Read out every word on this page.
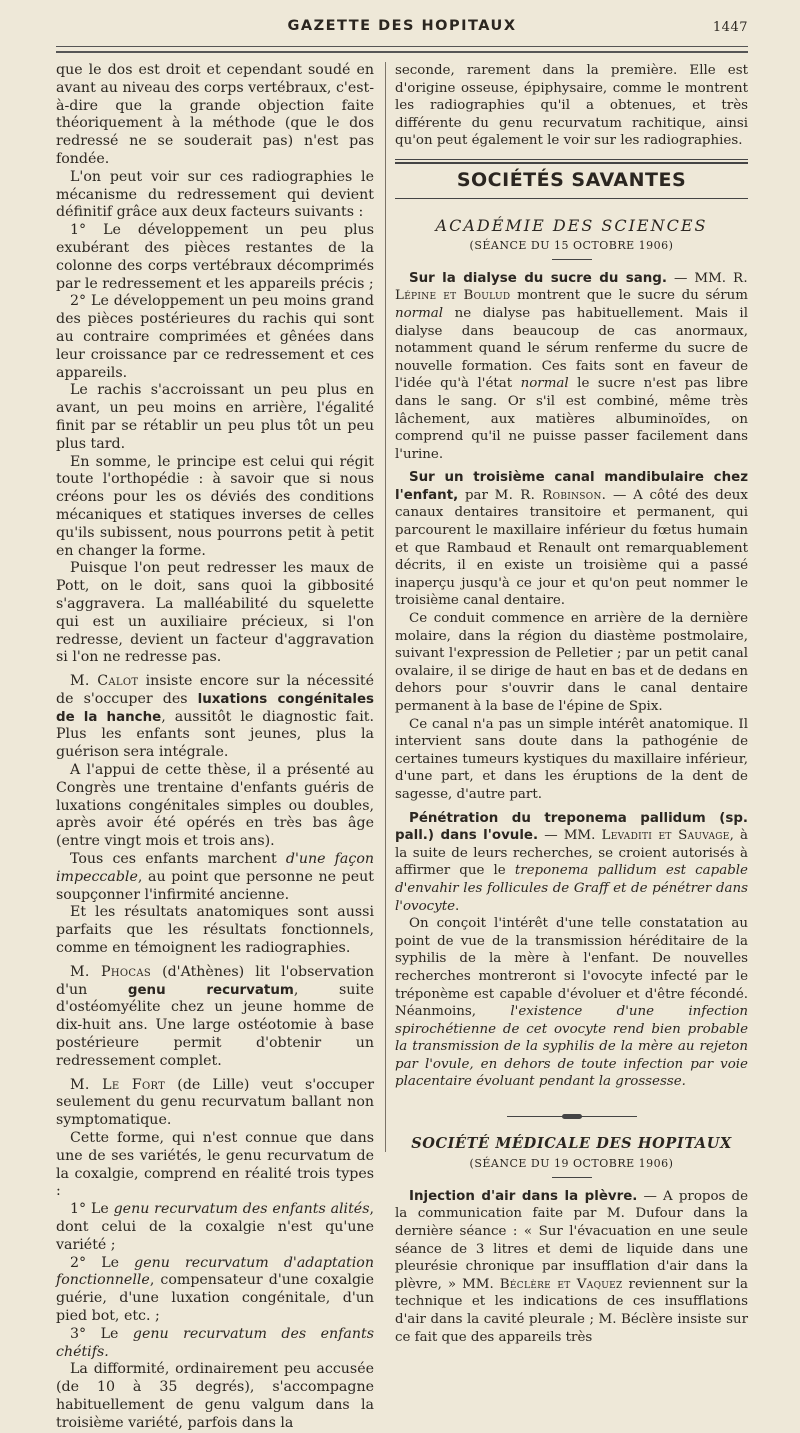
GAZETTE DES HOPITAUX	1447

que le dos est droit et cependant soudé en avant au niveau des corps vertébraux, c'est-à-dire que la grande objection faite théoriquement à la méthode (que le dos redressé ne se souderait pas) n'est pas fondée.

L'on peut voir sur ces radiographies le mécanisme du redressement qui devient définitif grâce aux deux facteurs suivants :

1° Le développement un peu plus exubérant des pièces restantes de la colonne des corps vertébraux décomprimés par le redressement et les appareils précis ;

2° Le développement un peu moins grand des pièces postérieures du rachis qui sont au contraire comprimées et gênées dans leur croissance par ce redressement et ces appareils.

Le rachis s'accroissant un peu plus en avant, un peu moins en arrière, l'égalité finit par se rétablir un peu plus tôt un peu plus tard.

En somme, le principe est celui qui régit toute l'orthopédie : à savoir que si nous créons pour les os déviés des conditions mécaniques et statiques inverses de celles qu'ils subissent, nous pourrons petit à petit en changer la forme.

Puisque l'on peut redresser les maux de Pott, on le doit, sans quoi la gibbosité s'aggravera. La malléabilité du squelette qui est un auxiliaire précieux, si l'on redresse, devient un facteur d'aggravation si l'on ne redresse pas.

M. Calot insiste encore sur la nécessité de s'occuper des luxations congénitales de la hanche, aussitôt le diagnostic fait. Plus les enfants sont jeunes, plus la guérison sera intégrale.

A l'appui de cette thèse, il a présenté au Congrès une trentaine d'enfants guéris de luxations congénitales simples ou doubles, après avoir été opérés en très bas âge (entre vingt mois et trois ans).

Tous ces enfants marchent d'une façon impeccable, au point que personne ne peut soupçonner l'infirmité ancienne.

Et les résultats anatomiques sont aussi parfaits que les résultats fonctionnels, comme en témoignent les radiographies.

M. Phocas (d'Athènes) lit l'observation d'un genu recurvatum, suite d'ostéomyélite chez un jeune homme de dix-huit ans. Une large ostéotomie à base postérieure permit d'obtenir un redressement complet.

M. Le Fort (de Lille) veut s'occuper seulement du genu recurvatum ballant non symptomatique.

Cette forme, qui n'est connue que dans une de ses variétés, le genu recurvatum de la coxalgie, comprend en réalité trois types :

1° Le genu recurvatum des enfants alités, dont celui de la coxalgie n'est qu'une variété ;

2° Le genu recurvatum d'adaptation fonctionnelle, compensateur d'une coxalgie guérie, d'une luxation congénitale, d'un pied bot, etc. ;

3° Le genu recurvatum des enfants chétifs.

La difformité, ordinairement peu accusée (de 10 à 35 degrés), s'accompagne habituellement de genu valgum dans la troisième variété, parfois dans la

seconde, rarement dans la première. Elle est d'origine osseuse, épiphysaire, comme le montrent les radiographies qu'il a obtenues, et très différente du genu recurvatum rachitique, ainsi qu'on peut également le voir sur les radiographies.

SOCIÉTÉS SAVANTES
ACADÉMIE DES SCIENCES
(SÉANCE DU 15 OCTOBRE 1906)

Sur la dialyse du sucre du sang. — MM. R. Lépine et Boulud montrent que le sucre du sérum normal ne dialyse pas habituellement. Mais il dialyse dans beaucoup de cas anormaux, notamment quand le sérum renferme du sucre de nouvelle formation. Ces faits sont en faveur de l'idée qu'à l'état normal le sucre n'est pas libre dans le sang. Or s'il est combiné, même très lâchement, aux matières albuminoïdes, on comprend qu'il ne puisse passer facilement dans l'urine.

Sur un troisième canal mandibulaire chez l'enfant, par M. R. Robinson. — A côté des deux canaux dentaires transitoire et permanent, qui parcourent le maxillaire inférieur du fœtus humain et que Rambaud et Renault ont remarquablement décrits, il en existe un troisième qui a passé inaperçu jusqu'à ce jour et qu'on peut nommer le troisième canal dentaire.

Ce conduit commence en arrière de la dernière molaire, dans la région du diastème postmolaire, suivant l'expression de Pelletier ; par un petit canal ovalaire, il se dirige de haut en bas et de dedans en dehors pour s'ouvrir dans le canal dentaire permanent à la base de l'épine de Spix.

Ce canal n'a pas un simple intérêt anatomique. Il intervient sans doute dans la pathogénie de certaines tumeurs kystiques du maxillaire inférieur, d'une part, et dans les éruptions de la dent de sagesse, d'autre part.

Pénétration du treponema pallidum (sp. pall.) dans l'ovule. — MM. Levaditi et Sauvage, à la suite de leurs recherches, se croient autorisés à affirmer que le treponema pallidum est capable d'envahir les follicules de Graff et de pénétrer dans l'ovocyte.

On conçoit l'intérêt d'une telle constatation au point de vue de la transmission héréditaire de la syphilis de la mère à l'enfant. De nouvelles recherches montreront si l'ovocyte infecté par le tréponème est capable d'évoluer et d'être fécondé. Néanmoins, l'existence d'une infection spirochétienne de cet ovocyte rend bien probable la transmission de la syphilis de la mère au rejeton par l'ovule, en dehors de toute infection par voie placentaire évoluant pendant la grossesse.

SOCIÉTÉ MÉDICALE DES HOPITAUX
(SÉANCE DU 19 OCTOBRE 1906)

Injection d'air dans la plèvre. — A propos de la communication faite par M. Dufour dans la dernière séance : « Sur l'évacuation en une seule séance de 3 litres et demi de liquide dans une pleurésie chronique par insufflation d'air dans la plèvre, » MM. Béclère et Vaquez reviennent sur la technique et les indications de ces insufflations d'air dans la cavité pleurale ; M. Béclère insiste sur ce fait que des appareils très
